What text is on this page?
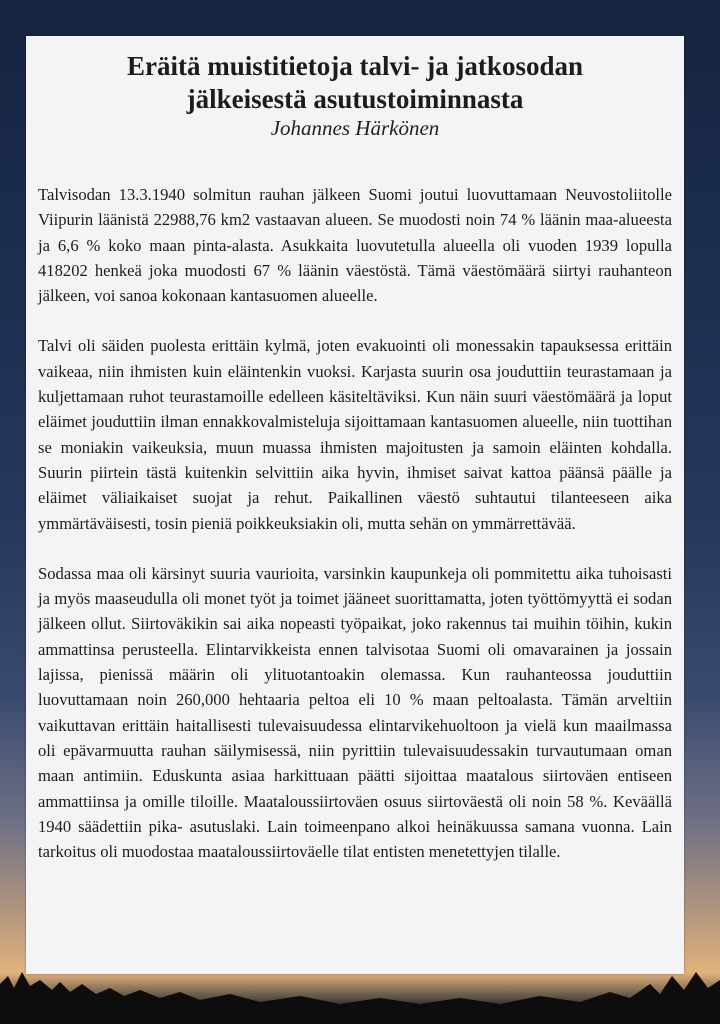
Eräitä muistitietoja talvi- ja jatkosodan
jälkeisestä asutustoiminnasta
Johannes Härkönen

Talvisodan 13.3.1940 solmitun rauhan jälkeen Suomi joutui luovuttamaan Neuvostoliitolle Viipurin läänistä 22988,76 km2 vastaavan alueen. Se muodosti noin 74 % läänin maa-alueesta ja 6,6 % koko maan pinta-alasta. Asukkaita luovutetulla alueella oli vuoden 1939 lopulla 418202 henkeä joka muodosti 67 % läänin väestöstä. Tämä väestömäärä siirtyi rauhanteon jälkeen, voi sanoa kokonaan kantasuomen alueelle.

Talvi oli säiden puolesta erittäin kylmä, joten evakuointi oli monessakin tapauksessa erittäin vaikeaa, niin ihmisten kuin eläintenkin vuoksi. Karjasta suurin osa jouduttiin teurastamaan ja kuljettamaan ruhot teurastamoille edelleen käsiteltäviksi. Kun näin suuri väestömäärä ja loput eläimet jouduttiin ilman ennakkovalmisteluja sijoittamaan kantasuomen alueelle, niin tuottihan se moniakin vaikeuksia, muun muassa ihmisten majoitusten ja samoin eläinten kohdalla. Suurin piirtein tästä kuitenkin selvittiin aika hyvin, ihmiset saivat kattoa päänsä päälle ja eläimet väliaikaiset suojat ja rehut. Paikallinen väestö suhtautui tilanteeseen aika ymmärtäväisesti, tosin pieniä poikkeuksiakin oli, mutta sehän on ymmärrettävää.

Sodassa maa oli kärsinyt suuria vaurioita, varsinkin kaupunkeja oli pommitettu aika tuhoisasti ja myös maaseudulla oli monet työt ja toimet jääneet suorittamatta, joten työttömyyttä ei sodan jälkeen ollut. Siirtoväkikin sai aika nopeasti työpaikat, joko rakennus tai muihin töihin, kukin ammattinsa perusteella. Elintarvikkeista ennen talvisotaa Suomi oli omavarainen ja jossain lajissa, pienissä määrin oli ylituotantoakin olemassa. Kun rauhanteossa jouduttiin luovuttamaan noin 260,000 hehtaaria peltoa eli 10 % maan peltoalasta. Tämän arveltiin vaikuttavan erittäin haitallisesti tulevaisuudessa elintarvikehuoltoon ja vielä kun maailmassa oli epävarmuutta rauhan säilymisessä, niin pyrittiin tulevaisuudessakin turvautumaan oman maan antimiin. Eduskunta asiaa harkittuaan päätti sijoittaa maatalous siirtoväen entiseen ammattiinsa ja omille tiloille. Maataloussiirtoväen osuus siirtoväestä oli noin 58 %. Keväällä 1940 säädettiin pika- asutuslaki. Lain toimeenpano alkoi heinäkuussa samana vuonna. Lain tarkoitus oli muodostaa maataloussiirtoväelle tilat entisten menetettyjen tilalle.
